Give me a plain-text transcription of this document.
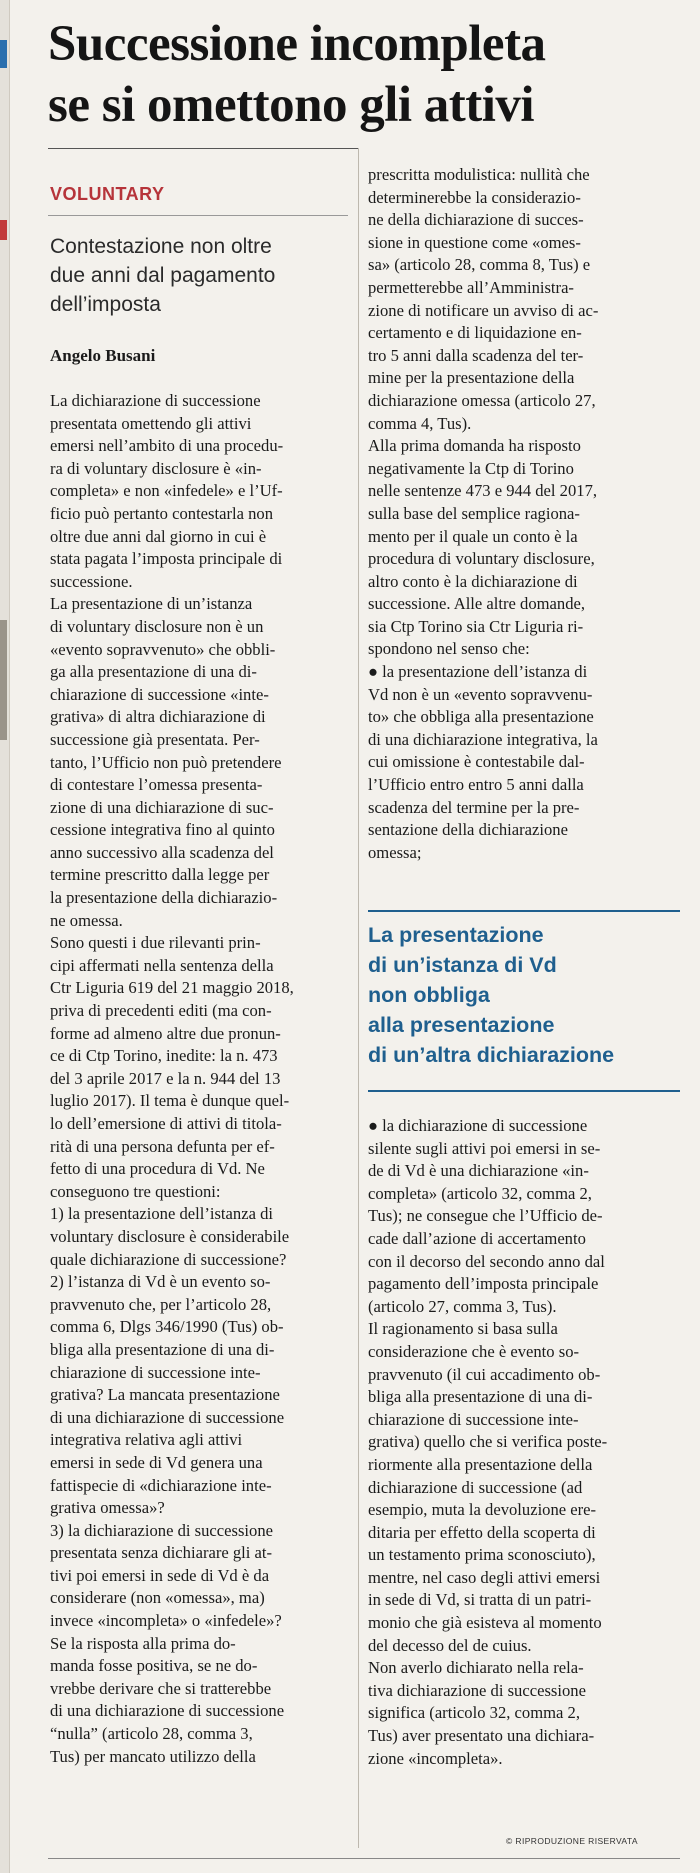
Successione incompleta
se si omettono gli attivi
VOLUNTARY
Contestazione non oltre
due anni dal pagamento
dell’imposta
Angelo Busani
La dichiarazione di successione
presentata omettendo gli attivi
emersi nell’ambito di una procedu-
ra di voluntary disclosure è «in-
completa» e non «infedele» e l’Uf-
ficio può pertanto contestarla non
oltre due anni dal giorno in cui è
stata pagata l’imposta principale di
successione.
La presentazione di un’istanza
di voluntary disclosure non è un
«evento sopravvenuto» che obbli-
ga alla presentazione di una di-
chiarazione di successione «inte-
grativa» di altra dichiarazione di
successione già presentata. Per-
tanto, l’Ufficio non può pretendere
di contestare l’omessa presenta-
zione di una dichiarazione di suc-
cessione integrativa fino al quinto
anno successivo alla scadenza del
termine prescritto dalla legge per
la presentazione della dichiarazio-
ne omessa.
Sono questi i due rilevanti prin-
cipi affermati nella sentenza della
Ctr Liguria 619 del 21 maggio 2018,
priva di precedenti editi (ma con-
forme ad almeno altre due pronun-
ce di Ctp Torino, inedite: la n. 473
del 3 aprile 2017 e la n. 944 del 13
luglio 2017). Il tema è dunque quel-
lo dell’emersione di attivi di titola-
rità di una persona defunta per ef-
fetto di una procedura di Vd. Ne
conseguono tre questioni:
1) la presentazione dell’istanza di
voluntary disclosure è considerabile
quale dichiarazione di successione?
2) l’istanza di Vd è un evento so-
pravvenuto che, per l’articolo 28,
comma 6, Dlgs 346/1990 (Tus) ob-
bliga alla presentazione di una di-
chiarazione di successione inte-
grativa? La mancata presentazione
di una dichiarazione di successione
integrativa relativa agli attivi
emersi in sede di Vd genera una
fattispecie di «dichiarazione inte-
grativa omessa»?
3) la dichiarazione di successione
presentata senza dichiarare gli at-
tivi poi emersi in sede di Vd è da
considerare (non «omessa», ma)
invece «incompleta» o «infedele»?
Se la risposta alla prima do-
manda fosse positiva, se ne do-
vrebbe derivare che si tratterebbe
di una dichiarazione di successione
“nulla” (articolo 28, comma 3,
Tus) per mancato utilizzo della
prescritta modulistica: nullità che
determinerebbe la considerazio-
ne della dichiarazione di succes-
sione in questione come «omes-
sa» (articolo 28, comma 8, Tus) e
permetterebbe all’Amministra-
zione di notificare un avviso di ac-
certamento e di liquidazione en-
tro 5 anni dalla scadenza del ter-
mine per la presentazione della
dichiarazione omessa (articolo 27,
comma 4, Tus).
Alla prima domanda ha risposto
negativamente la Ctp di Torino
nelle sentenze 473 e 944 del 2017,
sulla base del semplice ragiona-
mento per il quale un conto è la
procedura di voluntary disclosure,
altro conto è la dichiarazione di
successione. Alle altre domande,
sia Ctp Torino sia Ctr Liguria ri-
spondono nel senso che:
● la presentazione dell’istanza di
Vd non è un «evento sopravvenu-
to» che obbliga alla presentazione
di una dichiarazione integrativa, la
cui omissione è contestabile dal-
l’Ufficio entro entro 5 anni dalla
scadenza del termine per la pre-
sentazione della dichiarazione
omessa;
La presentazione
di un’istanza di Vd
non obbliga
alla presentazione
di un’altra dichiarazione
● la dichiarazione di successione
silente sugli attivi poi emersi in se-
de di Vd è una dichiarazione «in-
completa» (articolo 32, comma 2,
Tus); ne consegue che l’Ufficio de-
cade dall’azione di accertamento
con il decorso del secondo anno dal
pagamento dell’imposta principale
(articolo 27, comma 3, Tus).
Il ragionamento si basa sulla
considerazione che è evento so-
pravvenuto (il cui accadimento ob-
bliga alla presentazione di una di-
chiarazione di successione inte-
grativa) quello che si verifica poste-
riormente alla presentazione della
dichiarazione di successione (ad
esempio, muta la devoluzione ere-
ditaria per effetto della scoperta di
un testamento prima sconosciuto),
mentre, nel caso degli attivi emersi
in sede di Vd, si tratta di un patri-
monio che già esisteva al momento
del decesso del de cuius.
Non averlo dichiarato nella rela-
tiva dichiarazione di successione
significa (articolo 32, comma 2,
Tus) aver presentato una dichiara-
zione «incompleta».
© RIPRODUZIONE RISERVATA
